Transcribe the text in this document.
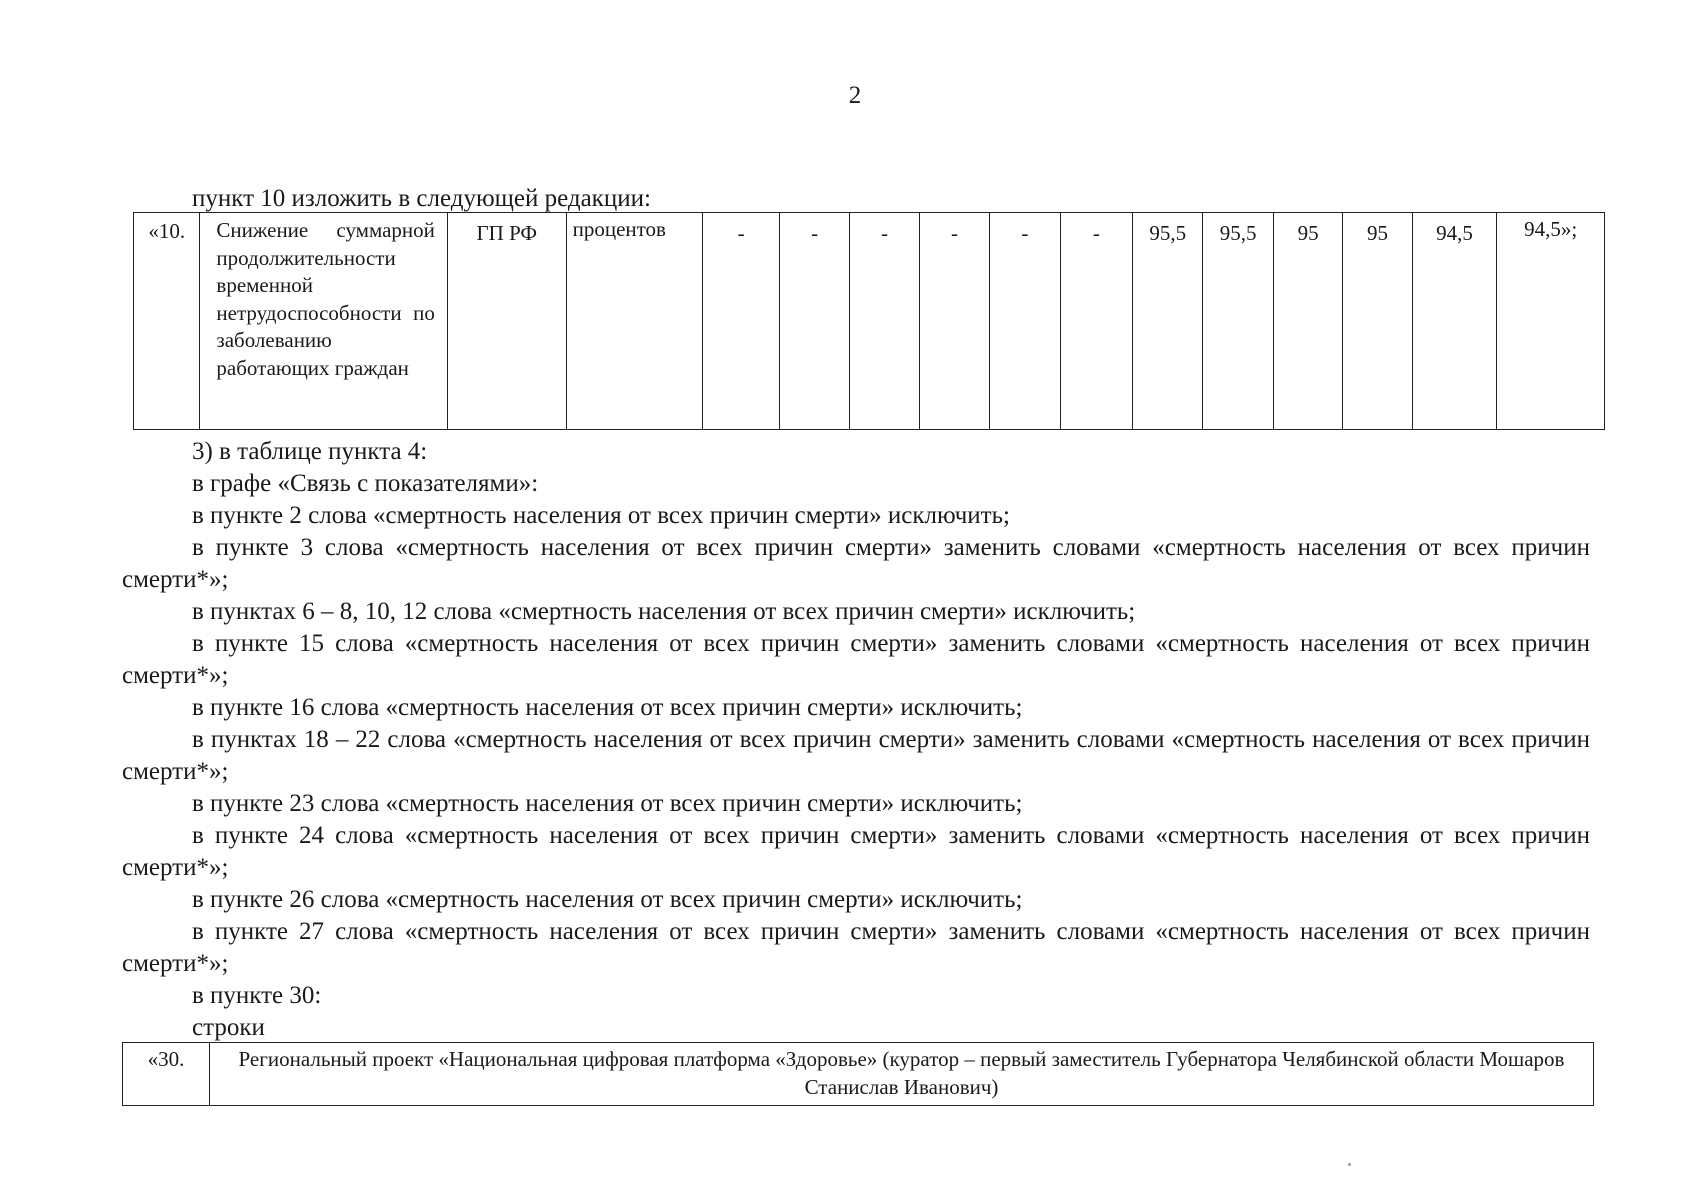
2
пункт 10 изложить в следующей редакции:
«10.	Снижение суммарной продолжительности временной нетрудоспособности по заболеванию работающих граждан	ГП РФ	процентов	-	-	-	-	-	-	95,5	95,5	95	95	94,5	94,5»;

3) в таблице пункта 4:

в графе «Связь с показателями»:

в пункте 2 слова «смертность населения от всех причин смерти» исключить;

в пункте 3 слова «смертность населения от всех причин смерти» заменить словами «смертность населения от всех причин смерти*»;

в пунктах 6 – 8, 10, 12 слова «смертность населения от всех причин смерти» исключить;

в пункте 15 слова «смертность населения от всех причин смерти» заменить словами «смертность населения от всех причин смерти*»;

в пункте 16 слова «смертность населения от всех причин смерти» исключить;

в пунктах 18 – 22 слова «смертность населения от всех причин смерти» заменить словами «смертность населения от всех причин смерти*»;

в пункте 23 слова «смертность населения от всех причин смерти» исключить;

в пункте 24 слова «смертность населения от всех причин смерти» заменить словами «смертность населения от всех причин смерти*»;

в пункте 26 слова «смертность населения от всех причин смерти» исключить;

в пункте 27 слова «смертность населения от всех причин смерти» заменить словами «смертность населения от всех причин смерти*»;

в пункте 30:

строки

«30.	Региональный проект «Национальная цифровая платформа «Здоровье» (куратор – первый заместитель Губернатора Челябинской области Мошаров Станислав Иванович)
